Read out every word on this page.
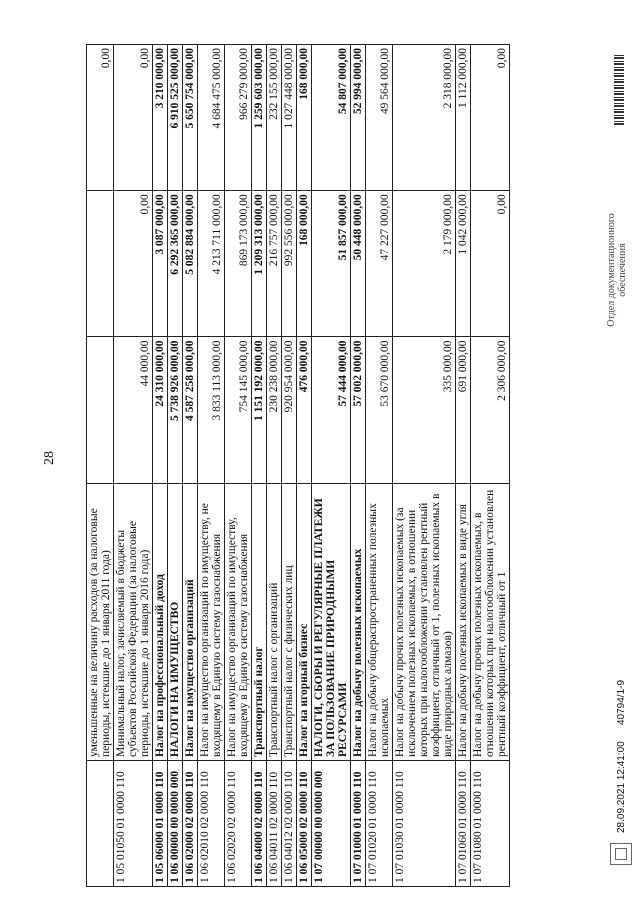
28
	уменьшенные на величину расходов (за налоговые периоды, истекшие до 1 января 2011 года)			0,00
1 05 01050 01 0000 110	Минимальный налог, зачисляемый в бюджеты субъектов Российской Федерации (за налоговые периоды, истекшие до 1 января 2016 года)	44 000,00	0,00	0,00
1 05 06000 01 0000 110	Налог на профессиональный доход	24 310 000,00	3 087 000,00	3 210 000,00
1 06 00000 00 0000 000	НАЛОГИ НА ИМУЩЕСТВО	5 738 926 000,00	6 292 365 000,00	6 910 525 000,00
1 06 02000 02 0000 110	Налог на имущество организаций	4 587 258 000,00	5 082 884 000,00	5 650 754 000,00
1 06 02010 02 0000 110	Налог на имущество организаций по имуществу, не входящему в Единую систему газоснабжения	3 833 113 000,00	4 213 711 000,00	4 684 475 000,00
1 06 02020 02 0000 110	Налог на имущество организаций по имуществу, входящему в Единую систему газоснабжения	754 145 000,00	869 173 000,00	966 279 000,00
1 06 04000 02 0000 110	Транспортный налог	1 151 192 000,00	1 209 313 000,00	1 259 603 000,00
1 06 04011 02 0000 110	Транспортный налог с организаций	230 238 000,00	216 757 000,00	232 155 000,00
1 06 04012 02 0000 110	Транспортный налог с физических лиц	920 954 000,00	992 556 000,00	1 027 448 000,00
1 06 05000 02 0000 110	Налог на игорный бизнес	476 000,00	168 000,00	168 000,00
1 07 00000 00 0000 000	НАЛОГИ, СБОРЫ И РЕГУЛЯРНЫЕ ПЛАТЕЖИ ЗА ПОЛЬЗОВАНИЕ ПРИРОДНЫМИ РЕСУРСАМИ	57 444 000,00	51 857 000,00	54 807 000,00
1 07 01000 01 0000 110	Налог на добычу полезных ископаемых	57 002 000,00	50 448 000,00	52 994 000,00
1 07 01020 01 0000 110	Налог на добычу общераспространенных полезных ископаемых	53 670 000,00	47 227 000,00	49 564 000,00
1 07 01030 01 0000 110	Налог на добычу прочих полезных ископаемых (за исключением полезных ископаемых, в отношении которых при налогообложении установлен рентный коэффициент, отличный от 1, полезных ископаемых в виде природных алмазов)	335 000,00	2 179 000,00	2 318 000,00
1 07 01060 01 0000 110	Налог на добычу полезных ископаемых в виде угля	691 000,00	1 042 000,00	1 112 000,00
1 07 01080 01 0000 110	Налог на добычу прочих полезных ископаемых, в отношении которых при налогообложении установлен рентный коэффициент, отличный от 1	2 306 000,00	0,00	0,00
28.09.2021 12:41:00
40794/1-9
Отдел документационного обеспечения
